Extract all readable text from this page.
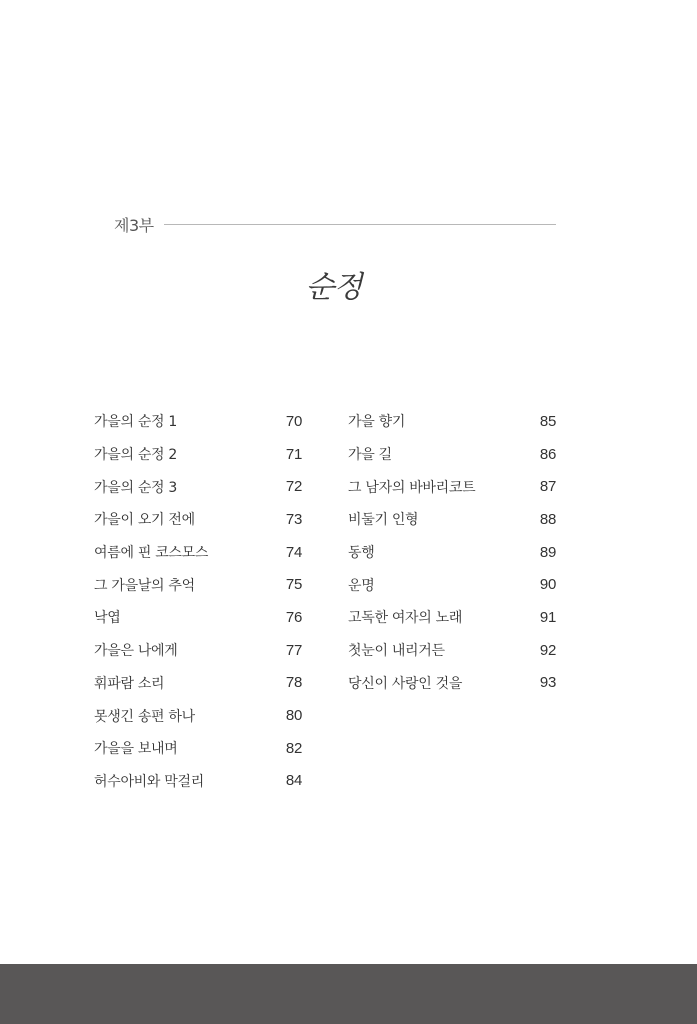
제3부
순정
가을의 순정 1	70
가을의 순정 2	71
가을의 순정 3	72
가을이 오기 전에	73
여름에 핀 코스모스	74
그 가을날의 추억	75
낙엽	76
가을은 나에게	77
휘파람 소리	78
못생긴 송편 하나	80
가을을 보내며	82
허수아비와 막걸리	84
가을 향기	85
가을 길	86
그 남자의 바바리코트	87
비둘기 인형	88
동행	89
운명	90
고독한 여자의 노래	91
첫눈이 내리거든	92
당신이 사랑인 것을	93
